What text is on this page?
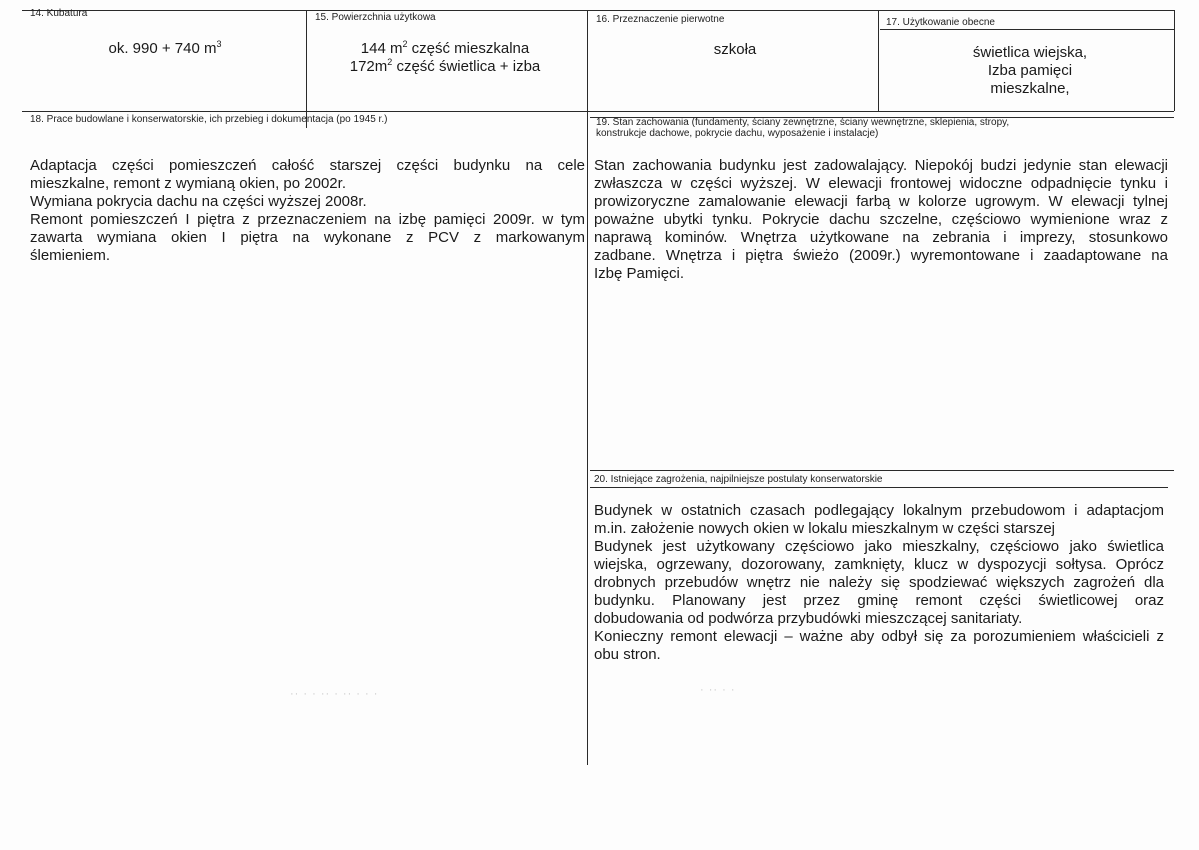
14. Kubatura
ok. 990 + 740 $m^3$
15. Powierzchnia użytkowa
144 $m^2$ część mieszkalna
$172m^2$ część świetlica + izba
16. Przeznaczenie pierwotne
szkoła
17. Użytkowanie obecne
świetlica wiejska,
Izba pamięci
mieszkalne,
18. Prace budowlane i konserwatorskie, ich przebieg i dokumentacja (po 1945 r.)

Adaptacja części pomieszczeń całość starszej części budynku na cele

mieszkalne, remont z wymianą okien, po 2002r.

Wymiana pokrycia dachu na części wyższej 2008r.

Remont pomieszczeń I piętra z przeznaczeniem na izbę pamięci 2009r. w tym

zawarta wymiana okien I piętra na wykonane z PCV z markowanym

ślemieniem.

19. Stan zachowania (fundamenty, ściany zewnętrzne, ściany wewnętrzne, sklepienia, stropy,
konstrukcje dachowe, pokrycie dachu, wyposażenie i instalacje)

Stan zachowania budynku jest zadowalający. Niepokój budzi jedynie stan elewacji

zwłaszcza w części wyższej. W elewacji frontowej widoczne odpadnięcie tynku i

prowizoryczne zamalowanie elewacji farbą w kolorze ugrowym. W elewacji tylnej

poważne ubytki tynku. Pokrycie dachu szczelne, częściowo wymienione wraz z

naprawą kominów. Wnętrza użytkowane na zebrania i imprezy, stosunkowo

zadbane. Wnętrza i piętra świeżo (2009r.) wyremontowane i zaadaptowane na

Izbę Pamięci.

20. Istniejące zagrożenia, najpilniejsze postulaty konserwatorskie

Budynek w ostatnich czasach podlegający lokalnym przebudowom i adaptacjom

m.in. założenie nowych okien w lokalu mieszkalnym w części starszej

Budynek jest użytkowany częściowo jako mieszkalny, częściowo jako świetlica

wiejska, ogrzewany, dozorowany, zamknięty, klucz w dyspozycji sołtysa. Oprócz

drobnych przebudów wnętrz nie należy się spodziewać większych zagrożeń dla

budynku.  Planowany  jest  przez  gminę  remont  części  świetlicowej  oraz

dobudowania od podwórza przybudówki mieszczącej sanitariaty.

Konieczny remont elewacji – ważne aby odbył się za porozumieniem właścicieli z

obu stron.

·· · · ·· · ·· · · ·	· ·· · ·
